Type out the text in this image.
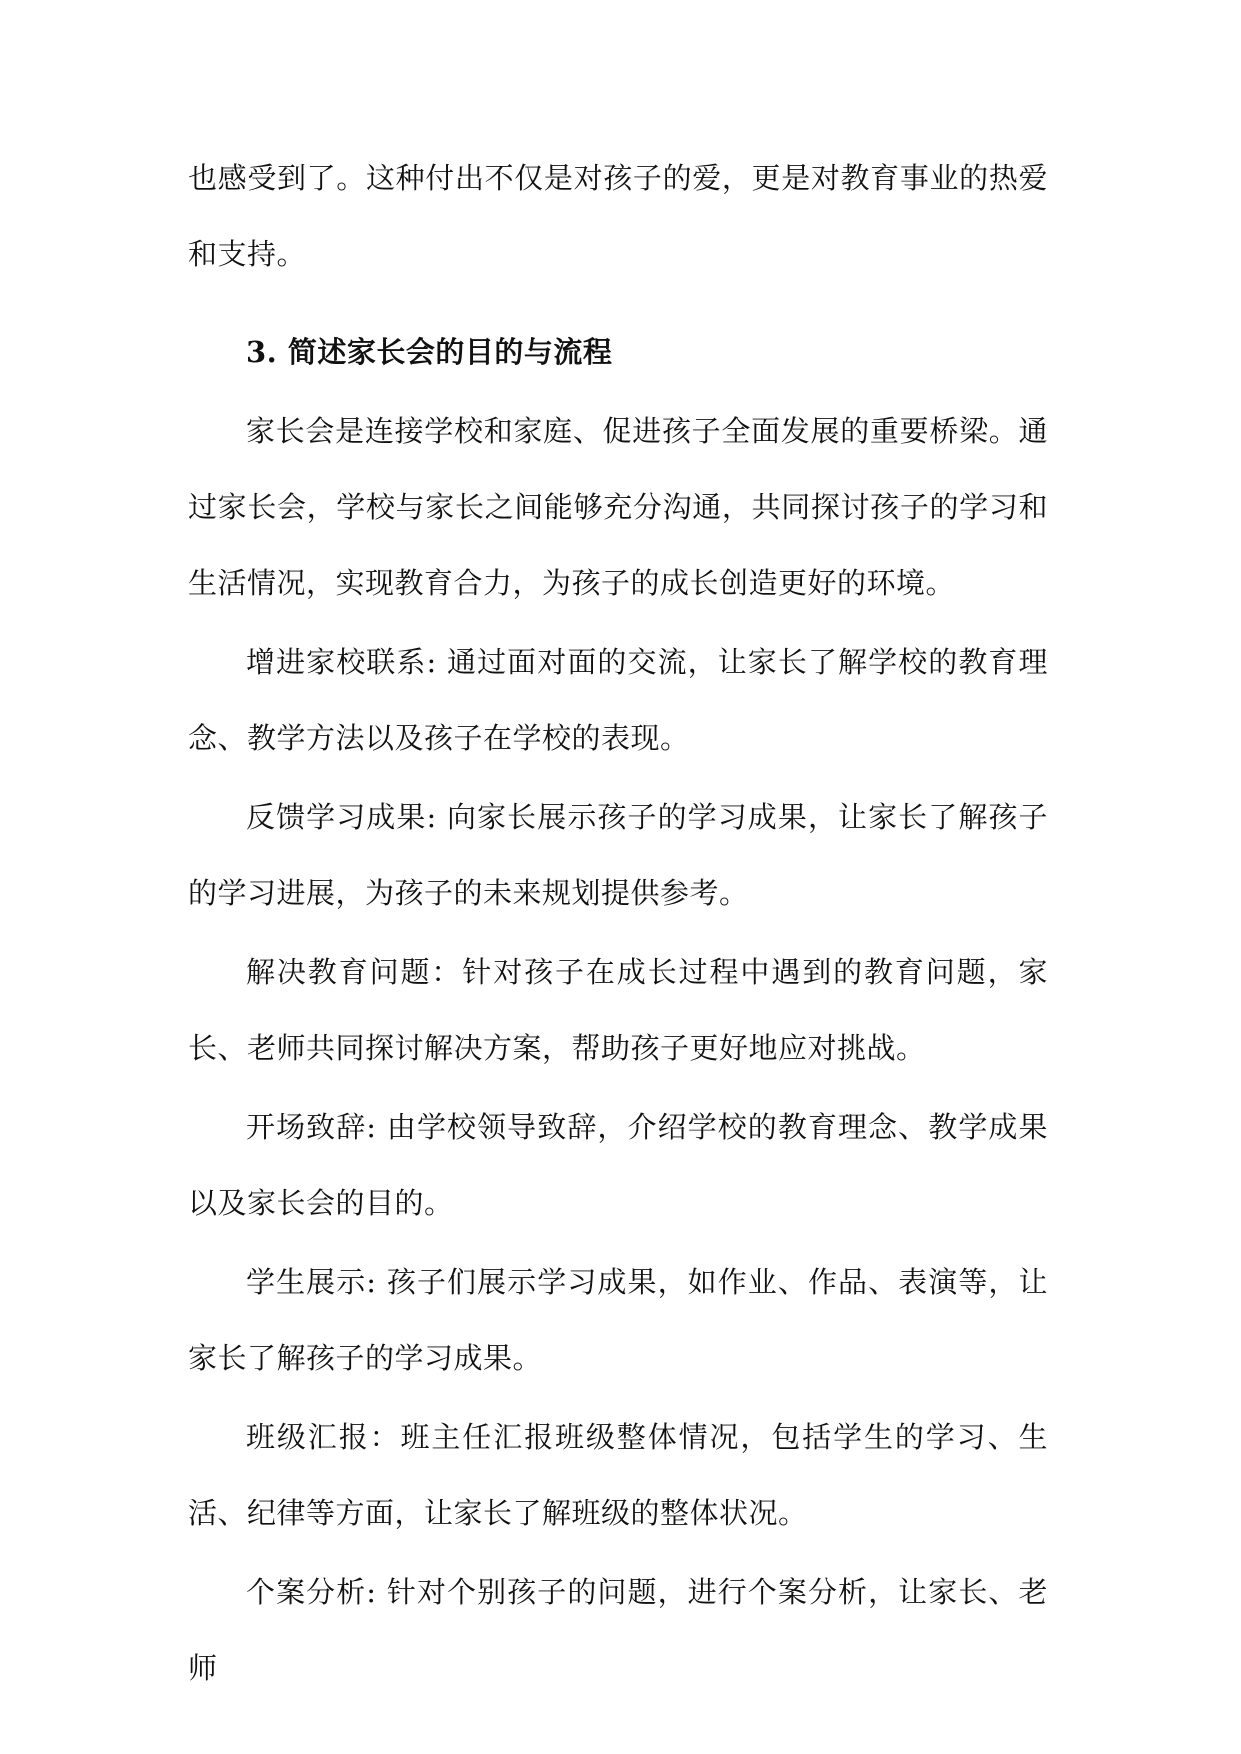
也感受到了。这种付出不仅是对孩子的爱，更是对教育事业的热爱和支持。

3. 简述家长会的目的与流程

家长会是连接学校和家庭、促进孩子全面发展的重要桥梁。通过家长会，学校与家长之间能够充分沟通，共同探讨孩子的学习和生活情况，实现教育合力，为孩子的成长创造更好的环境。

增进家校联系: 通过面对面的交流，让家长了解学校的教育理念、教学方法以及孩子在学校的表现。

反馈学习成果: 向家长展示孩子的学习成果，让家长了解孩子的学习进展，为孩子的未来规划提供参考。

解决教育问题：针对孩子在成长过程中遇到的教育问题，家长、老师共同探讨解决方案，帮助孩子更好地应对挑战。

开场致辞: 由学校领导致辞，介绍学校的教育理念、教学成果以及家长会的目的。

学生展示: 孩子们展示学习成果，如作业、作品、表演等，让家长了解孩子的学习成果。

班级汇报：班主任汇报班级整体情况，包括学生的学习、生活、纪律等方面，让家长了解班级的整体状况。

个案分析: 针对个别孩子的问题，进行个案分析，让家长、老师
